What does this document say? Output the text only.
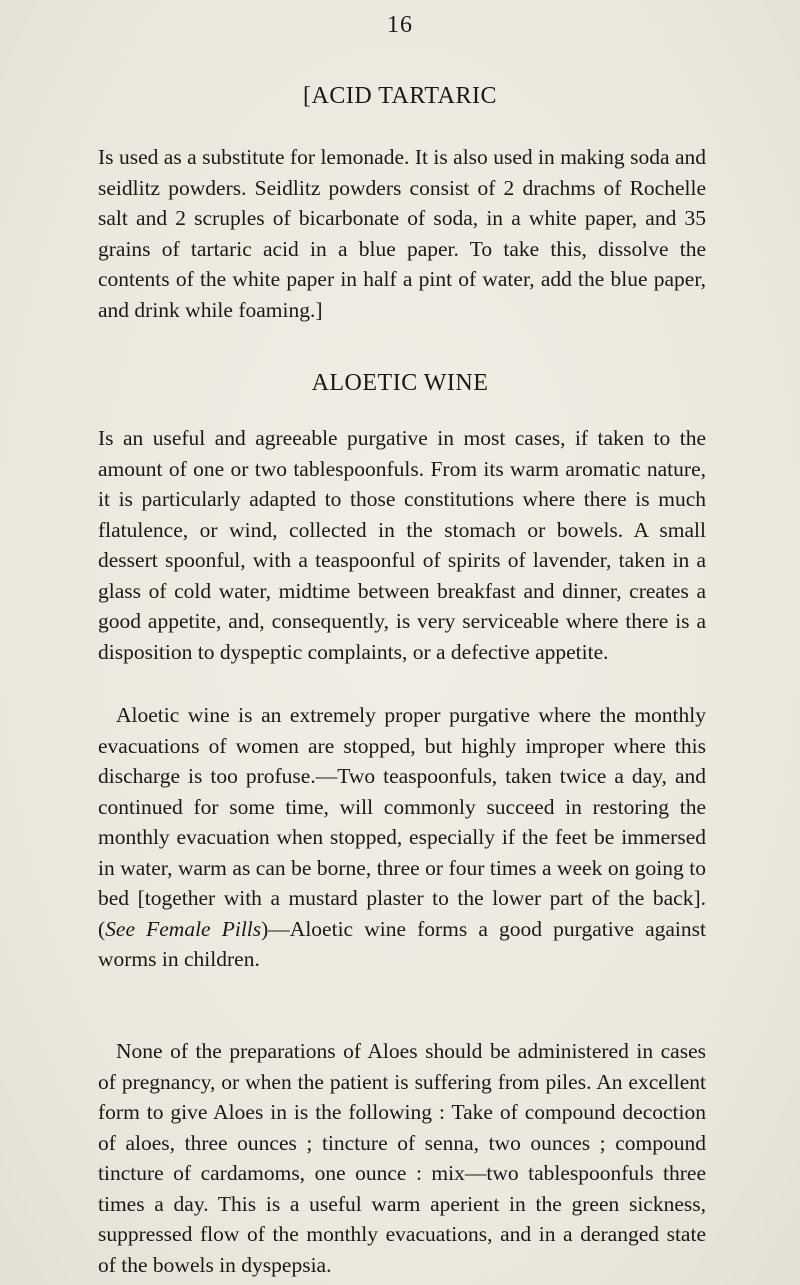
16
[ACID TARTARIC

Is used as a substitute for lemonade. It is also used in making soda and seidlitz powders. Seidlitz powders consist of 2 drachms of Rochelle salt and 2 scruples of bicarbonate of soda, in a white paper, and 35 grains of tartaric acid in a blue paper. To take this, dissolve the contents of the white paper in half a pint of water, add the blue paper, and drink while foaming.]

ALOETIC WINE

Is an useful and agreeable purgative in most cases, if taken to the amount of one or two tablespoonfuls. From its warm aromatic nature, it is particularly adapted to those constitutions where there is much flatulence, or wind, collected in the stomach or bowels. A small dessert spoonful, with a teaspoonful of spirits of lavender, taken in a glass of cold water, midtime between breakfast and dinner, creates a good appetite, and, consequently, is very serviceable where there is a disposition to dyspeptic complaints, or a defective appetite.

Aloetic wine is an extremely proper purgative where the monthly evacuations of women are stopped, but highly improper where this discharge is too profuse.—Two teaspoonfuls, taken twice a day, and continued for some time, will commonly succeed in restoring the monthly evacuation when stopped, especially if the feet be immersed in water, warm as can be borne, three or four times a week on going to bed [together with a mustard plaster to the lower part of the back]. (See Female Pills)—Aloetic wine forms a good purgative against worms in children.

None of the preparations of Aloes should be administered in cases of pregnancy, or when the patient is suffering from piles. An excellent form to give Aloes in is the following : Take of compound decoction of aloes, three ounces ; tincture of senna, two ounces ; compound tincture of cardamoms, one ounce : mix—two tablespoonfuls three times a day. This is a useful warm aperient in the green sickness, suppressed flow of the monthly evacuations, and in a deranged state of the bowels in dyspepsia.
